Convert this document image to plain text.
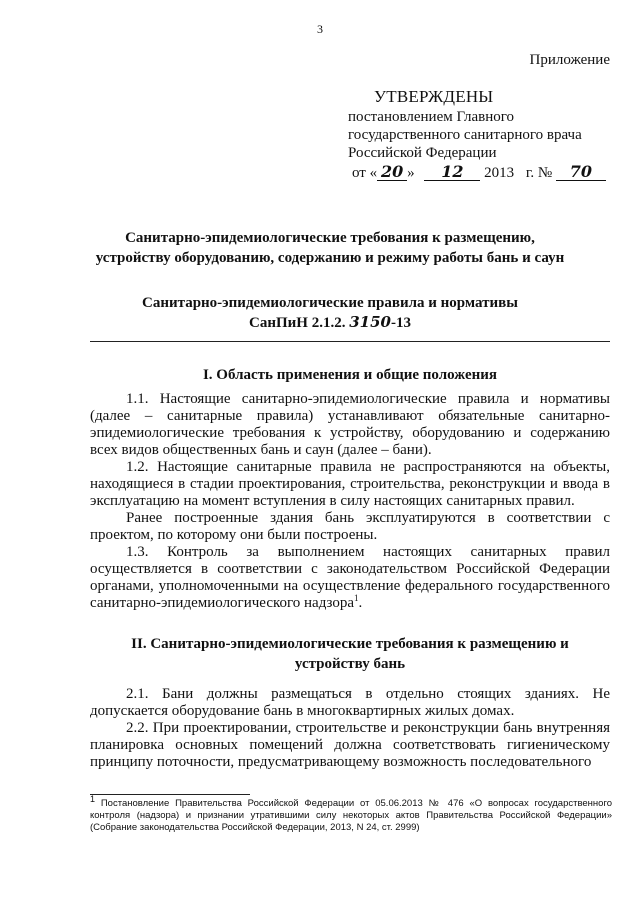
3
Приложение
УТВЕРЖДЕНЫ
постановлением Главного
государственного санитарного врача
Российской Федерации
от « 20 » 12 2013 г. № 70
Санитарно-эпидемиологические требования к размещению, устройству оборудованию, содержанию и режиму работы бань и саун
Санитарно-эпидемиологические правила и нормативы
СанПиН 2.1.2. 3150-13
I. Область применения и общие положения

1.1. Настоящие санитарно-эпидемиологические правила и нормативы (далее – санитарные правила) устанавливают обязательные санитарно-эпидемиологические требования к устройству, оборудованию и содержанию всех видов общественных бань и саун (далее – бани).

1.2. Настоящие санитарные правила не распространяются на объекты, находящиеся в стадии проектирования, строительства, реконструкции и ввода в эксплуатацию на момент вступления в силу настоящих санитарных правил.

Ранее построенные здания бань эксплуатируются в соответствии с проектом, по которому они были построены.

1.3. Контроль за выполнением настоящих санитарных правил осуществляется в соответствии с законодательством Российской Федерации органами, уполномоченными на осуществление федерального государственного санитарно-эпидемиологического надзора$^1$.

II. Санитарно-эпидемиологические требования к размещению и
устройству бань

2.1. Бани должны размещаться в отдельно стоящих зданиях. Не допускается оборудование бань в многоквартирных жилых домах.

2.2. При проектировании, строительстве и реконструкции бань внутренняя планировка основных помещений должна соответствовать гигиеническому принципу поточности, предусматривающему возможность последовательного

$^1$ Постановление Правительства Российской Федерации от 05.06.2013 № 476 «О вопросах государственного контроля (надзора) и признании утратившими силу некоторых актов Правительства Российской Федерации» (Собрание законодательства Российской Федерации, 2013, N 24, ст. 2999)
